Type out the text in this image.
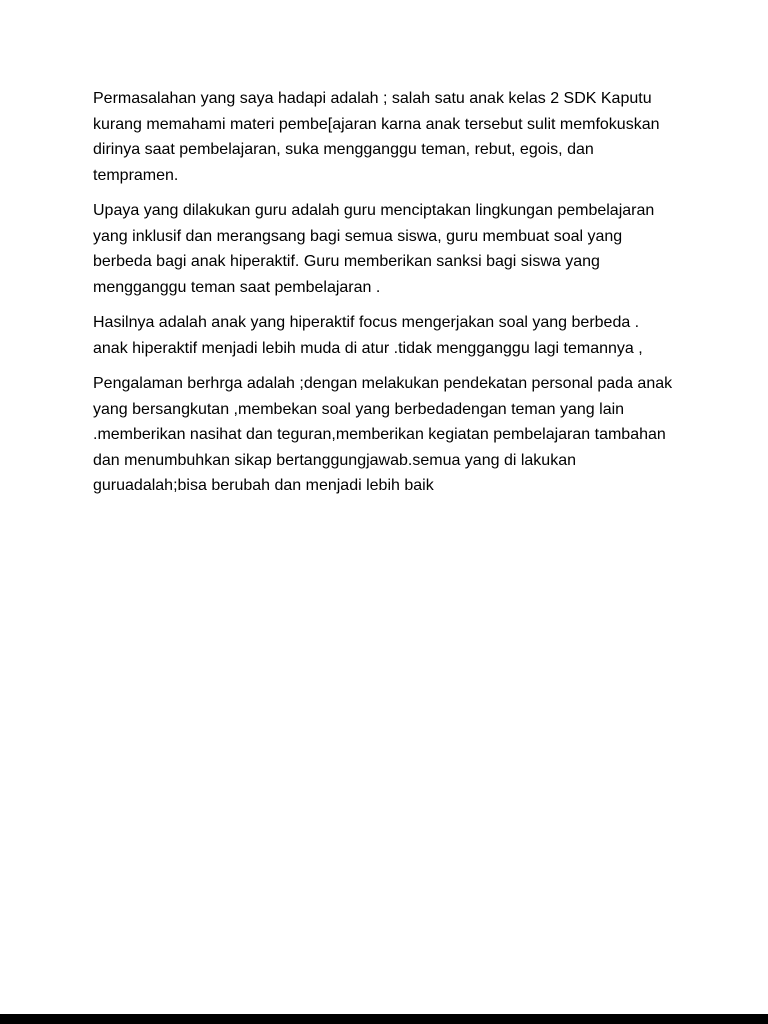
Permasalahan yang saya hadapi adalah ; salah satu anak kelas 2 SDK Kaputu kurang memahami materi pembe[ajaran karna anak tersebut sulit memfokuskan dirinya saat pembelajaran, suka mengganggu teman, rebut, egois, dan tempramen.

Upaya yang dilakukan guru adalah guru menciptakan lingkungan pembelajaran yang inklusif dan merangsang bagi semua siswa, guru membuat soal yang berbeda bagi anak hiperaktif. Guru memberikan sanksi bagi siswa yang mengganggu teman saat pembelajaran .

Hasilnya adalah anak yang hiperaktif focus mengerjakan soal yang berbeda . anak hiperaktif menjadi lebih muda di atur .tidak mengganggu lagi temannya ,

Pengalaman berhrga adalah ;dengan melakukan pendekatan personal pada anak yang bersangkutan ,membekan soal yang berbedadengan teman yang lain .memberikan nasihat dan teguran,memberikan kegiatan pembelajaran tambahan dan menumbuhkan sikap bertanggungjawab.semua yang di lakukan guruadalah;bisa berubah dan menjadi lebih baik
